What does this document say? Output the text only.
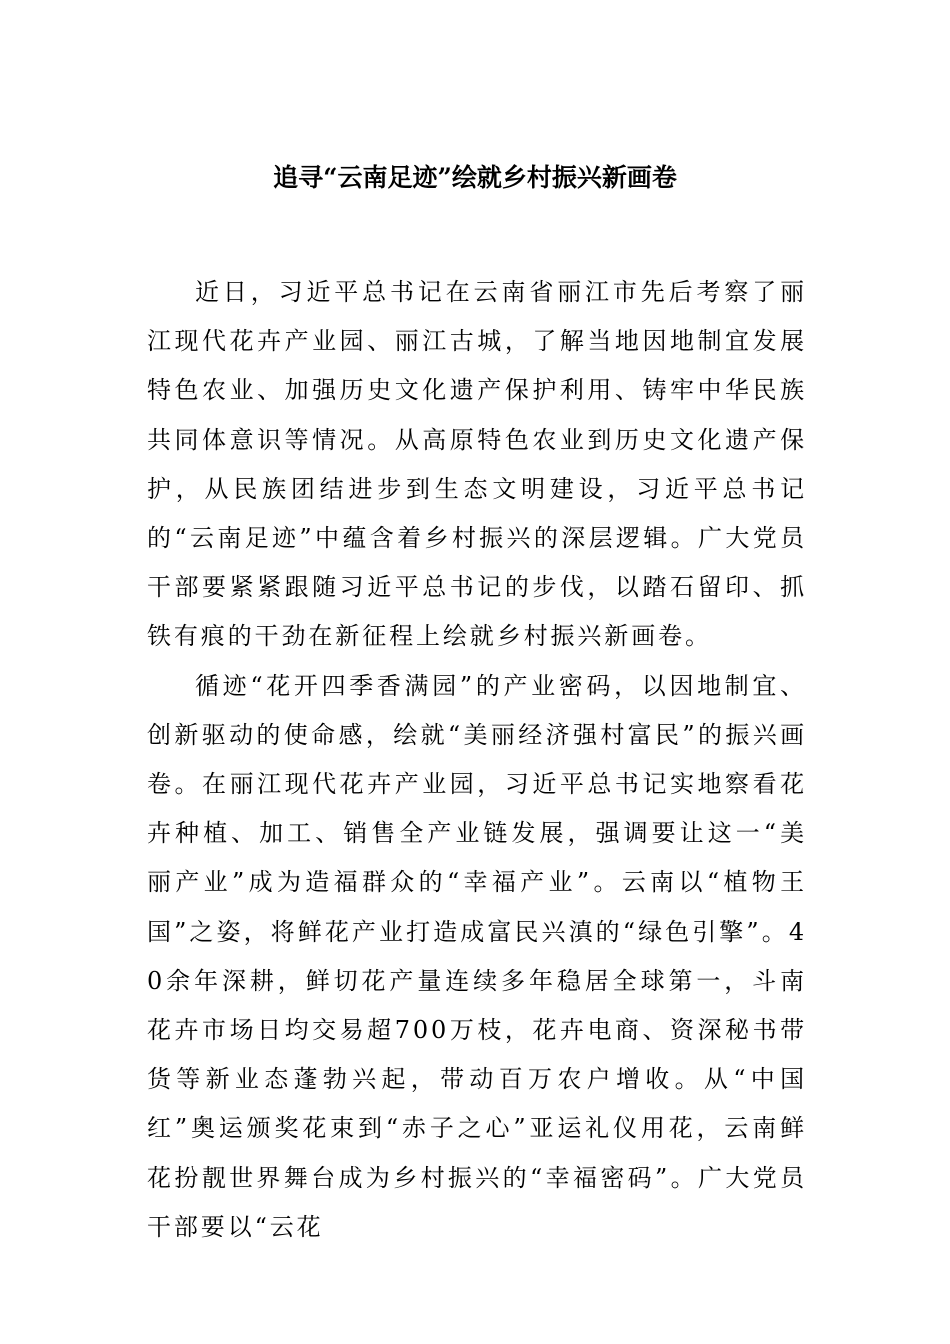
追寻“云南足迹”绘就乡村振兴新画卷

近日，习近平总书记在云南省丽江市先后考察了丽江现代花卉产业园、丽江古城，了解当地因地制宜发展特色农业、加强历史文化遗产保护利用、铸牢中华民族共同体意识等情况。从高原特色农业到历史文化遗产保护，从民族团结进步到生态文明建设，习近平总书记的“云南足迹”中蕴含着乡村振兴的深层逻辑。广大党员干部要紧紧跟随习近平总书记的步伐，以踏石留印、抓铁有痕的干劲在新征程上绘就乡村振兴新画卷。

循迹“花开四季香满园”的产业密码，以因地制宜、创新驱动的使命感，绘就“美丽经济强村富民”的振兴画卷。在丽江现代花卉产业园，习近平总书记实地察看花卉种植、加工、销售全产业链发展，强调要让这一“美丽产业”成为造福群众的“幸福产业”。云南以“植物王国”之姿，将鲜花产业打造成富民兴滇的“绿色引擎”。40余年深耕，鲜切花产量连续多年稳居全球第一，斗南花卉市场日均交易超700万枝，花卉电商、资深秘书带货等新业态蓬勃兴起，带动百万农户增收。从“中国红”奥运颁奖花束到“赤子之心”亚运礼仪用花，云南鲜花扮靓世界舞台成为乡村振兴的“幸福密码”。广大党员干部要以“云花
